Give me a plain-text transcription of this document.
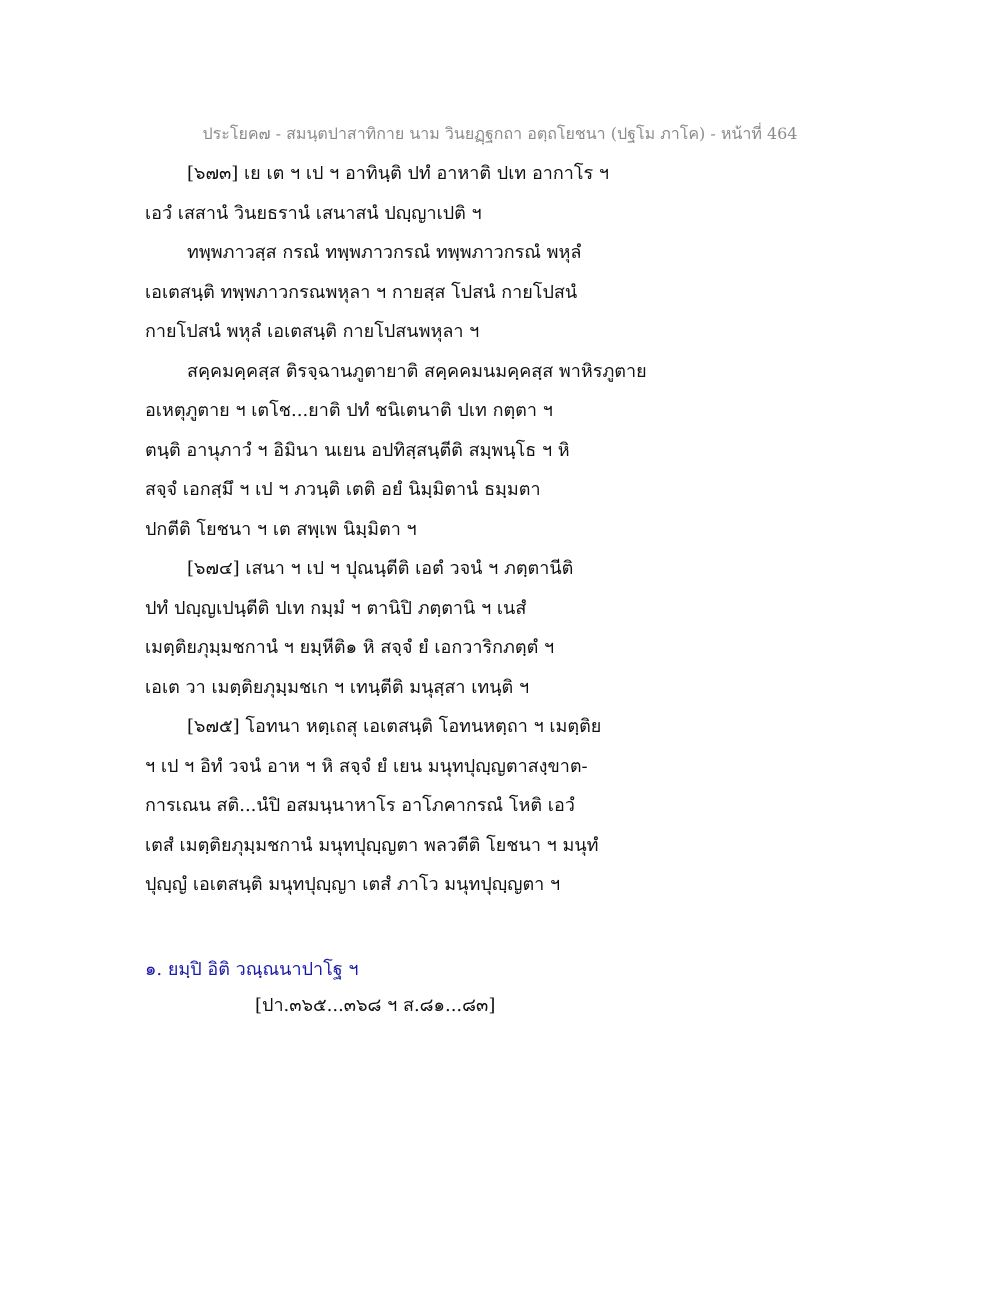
ประโยค๗ - สมนฺตปาสาทิกาย นาม วินยฏฺฐกถา อตฺถโยชนา (ปฐโม ภาโค) - หน้าที่ 464
[๖๗๓] เย เต ฯ เป ฯ อาทินฺติ ปทํ อาหาติ ปเท อากาโร ฯ
เอวํ เสสานํ วินยธรานํ เสนาสนํ ปญฺญาเปติ ฯ
ทพฺพภาวสฺส กรณํ ทพฺพภาวกรณํ ทพฺพภาวกรณํ พหุลํ
เอเตสนฺติ ทพฺพภาวกรณพหุลา ฯ กายสฺส โปสนํ กายโปสนํ
กายโปสนํ พหุลํ เอเตสนฺติ กายโปสนพหุลา ฯ
สคฺคมคฺคสฺส ติรจฺฉานภูตายาติ สคฺคคมนมคฺคสฺส พาหิรภูตาย
อเหตุภูตาย ฯ เตโช...ยาติ ปทํ ชนิเตนาติ ปเท กตฺตา ฯ
ตนฺติ อานุภาวํ ฯ อิมินา นเยน อปทิสฺสนฺตีติ สมฺพนฺโธ ฯ หิ
สจฺจํ เอกสฺมึ ฯ เป ฯ ภวนฺติ เตติ อยํ นิมฺมิตานํ ธมฺมตา
ปกตีติ โยชนา ฯ เต สพฺเพ นิมฺมิตา ฯ
[๖๗๔] เสนา ฯ เป ฯ ปุณนฺตีติ เอตํ วจนํ ฯ ภตฺตานีติ
ปทํ ปญฺญเปนฺตีติ ปเท กมฺมํ ฯ ตานิปิ ภตฺตานิ ฯ เนสํ
เมตฺติยภุมฺมชกานํ ฯ ยมฺหีติ๑ หิ สจฺจํ ยํ เอกวาริกภตฺตํ ฯ
เอเต วา เมตฺติยภุมฺมชเก ฯ เทนฺตีติ มนุสฺสา เทนฺติ ฯ
[๖๗๕] โอทนา หตฺเถสุ เอเตสนฺติ โอทนหตฺถา ฯ เมตฺติย
ฯ เป ฯ อิทํ วจนํ อาห ฯ หิ สจฺจํ ยํ เยน มนุทปุญฺญตาสงฺขาต-
การเณน สติ...นํปิ อสมนฺนาหาโร อาโภคากรณํ โหติ เอวํ
เตสํ เมตฺติยภุมฺมชกานํ มนุทปุญฺญตา พลวตีติ โยชนา ฯ มนุทํ
ปุญฺญํ เอเตสนฺติ มนุทปุญฺญา เตสํ ภาโว มนุทปุญฺญตา ฯ
๑. ยมฺปิ อิติ วณฺณนาปาโฐ ฯ
[ปา.๓๖๕...๓๖๘ ฯ ส.๘๑...๘๓]
